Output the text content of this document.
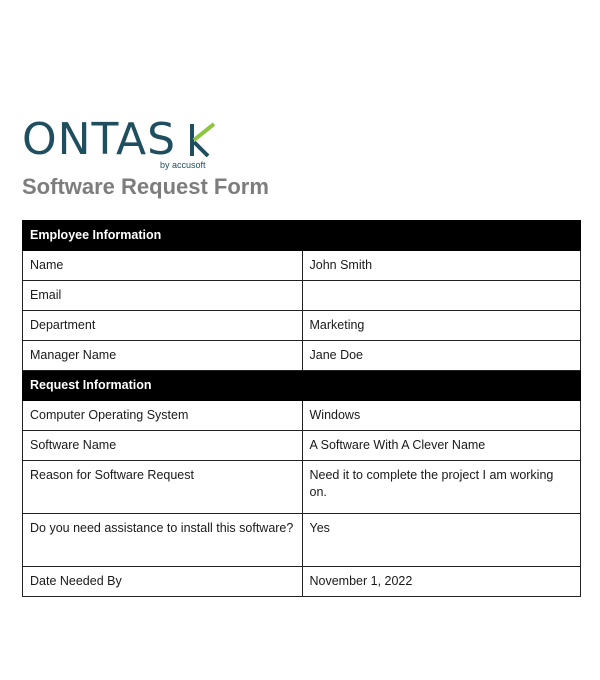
ONTAS
by accusoft
Software Request Form
Employee Information	
Name	John Smith
Email	
Department	Marketing
Manager Name	Jane Doe
Request Information	
Computer Operating System	Windows
Software Name	A Software With A Clever Name
Reason for Software Request	Need it to complete the project I am working on.
Do you need assistance to install this software?	Yes
Date Needed By	November 1, 2022
